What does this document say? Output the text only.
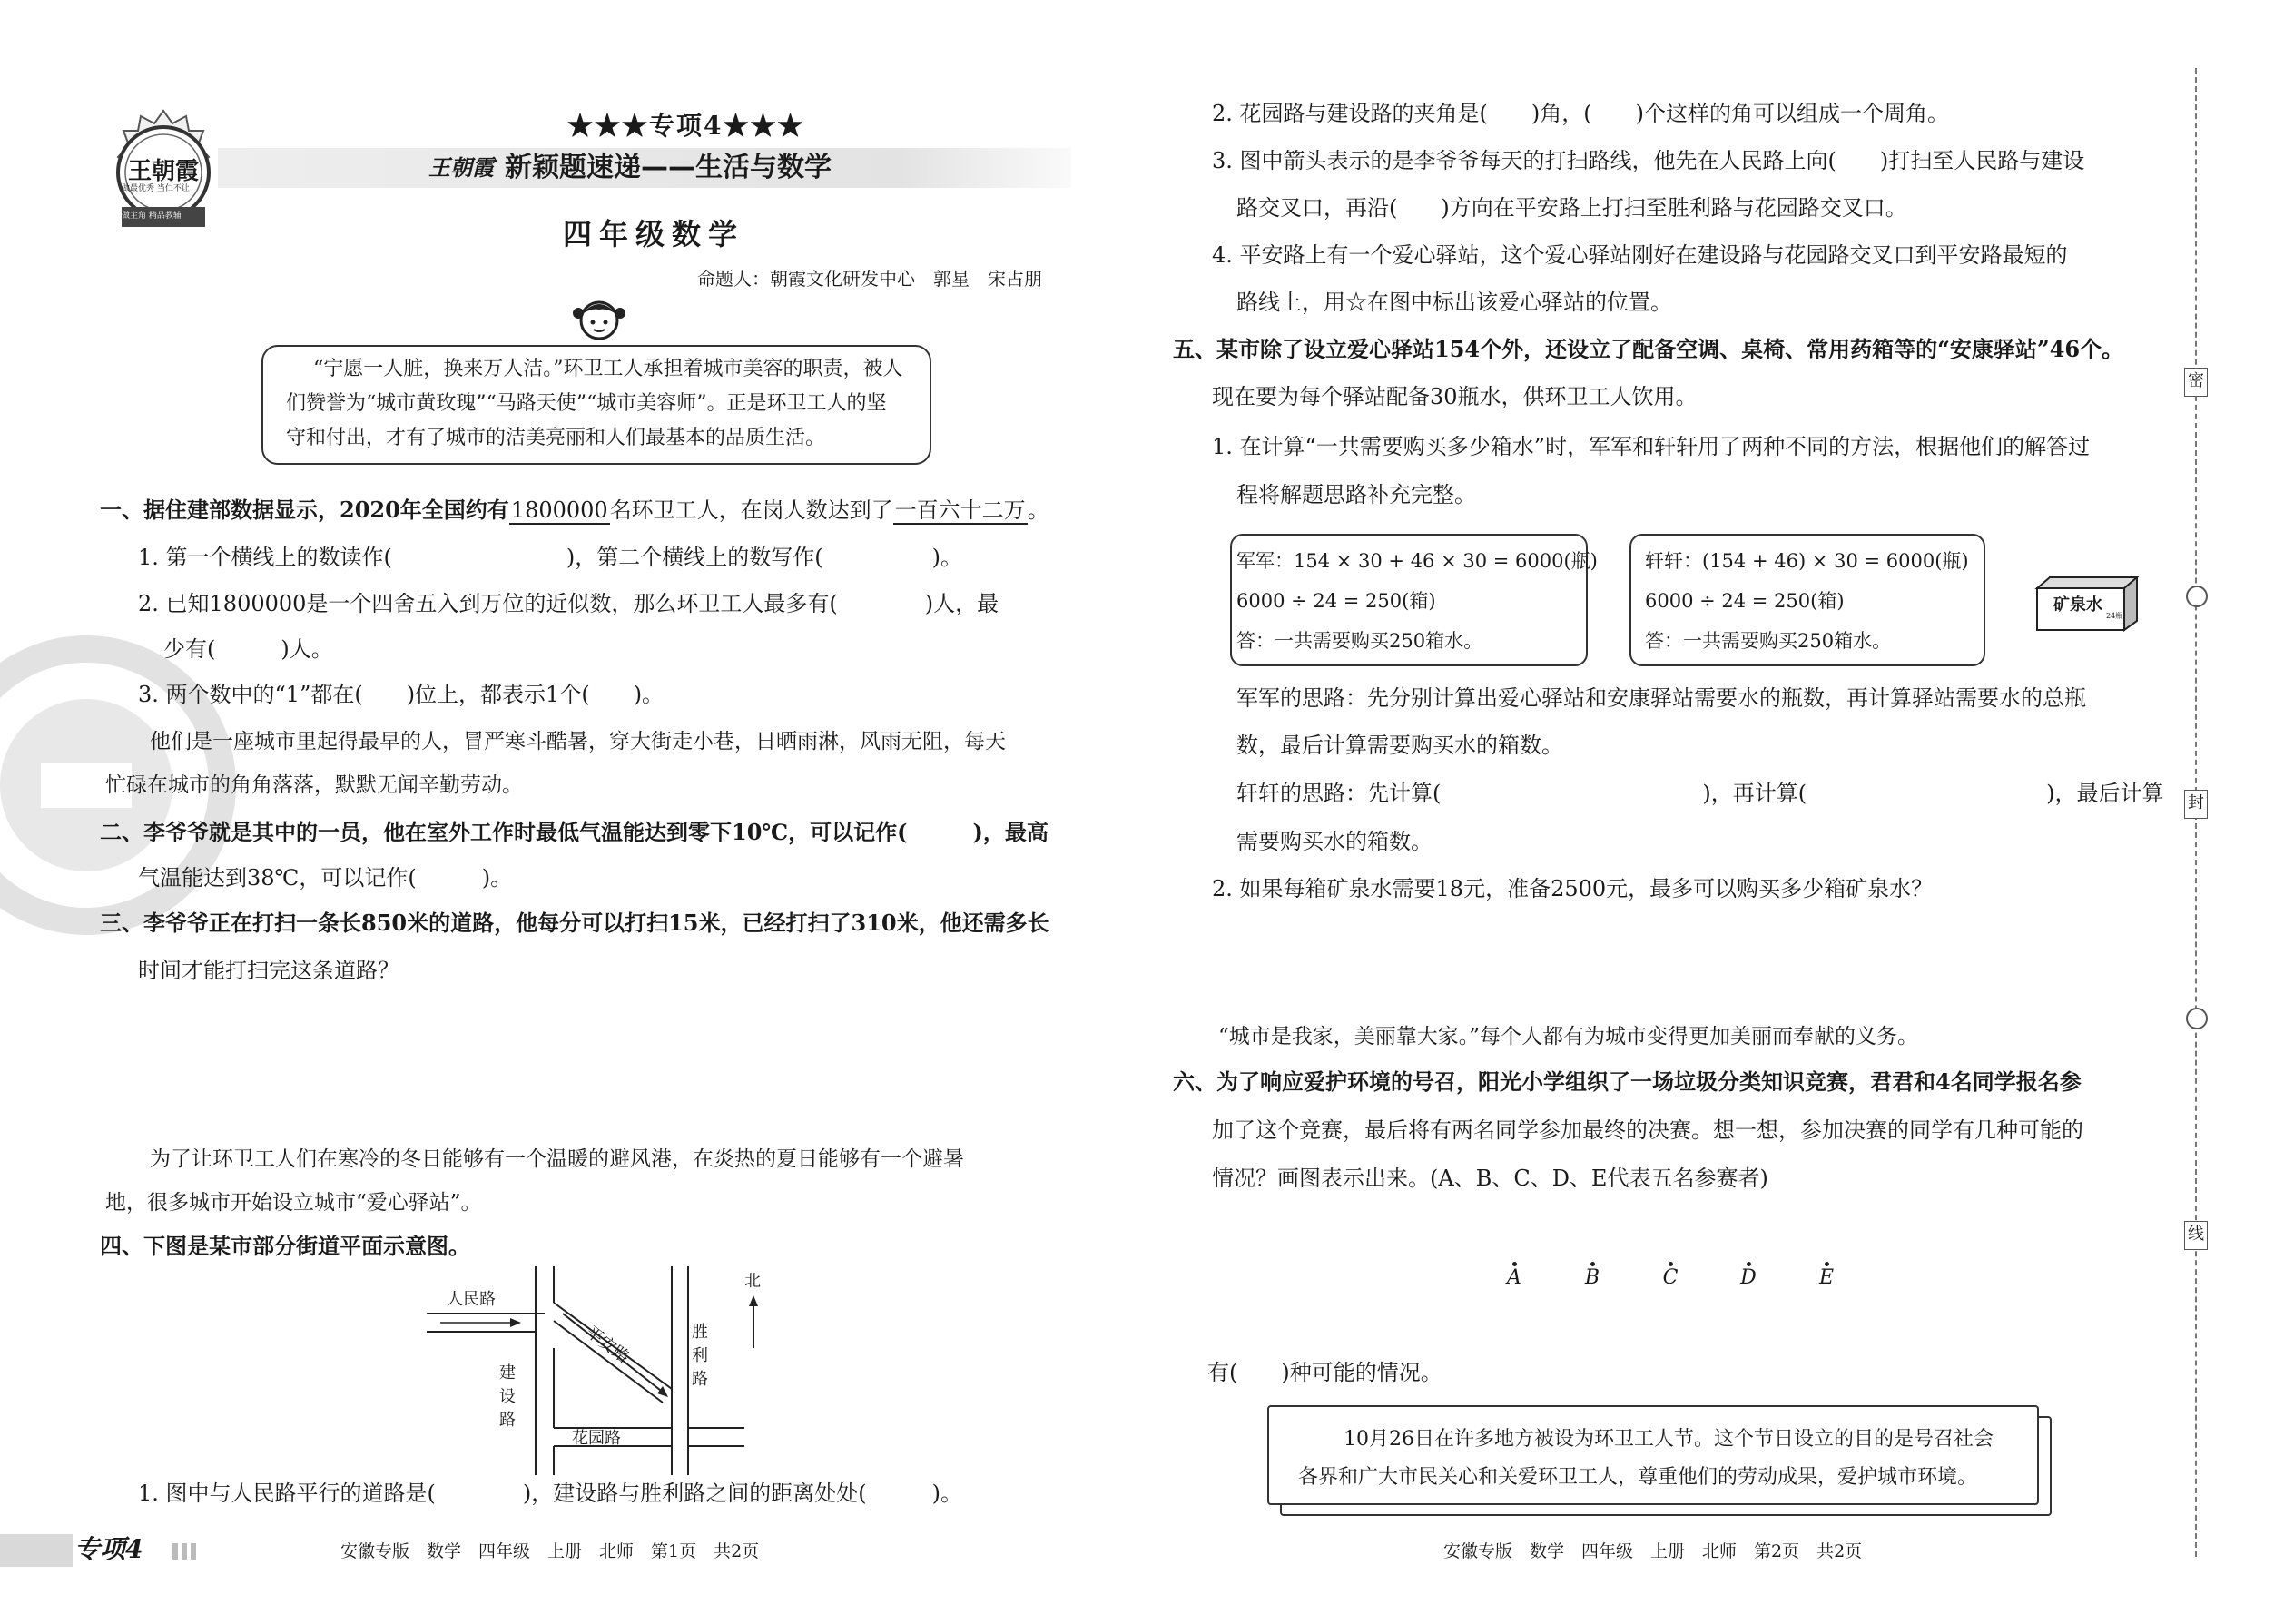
王朝霞
做最优秀 当仁不让
做主角 精品教辅
★★★专项4★★★
王朝霞 新颖题速递——生活与数学
四年级数学
命题人：朝霞文化研发中心　郭星　宋占朋
“宁愿一人脏，换来万人洁。”环卫工人承担着城市美容的职责，被人
们赞誉为“城市黄玫瑰”“马路天使”“城市美容师”。正是环卫工人的坚
守和付出，才有了城市的洁美亮丽和人们最基本的品质生活。
一、据住建部数据显示，2020年全国约有1800000名环卫工人，在岗人数达到了一百六十二万。
1. 第一个横线上的数读作(　　　　　　　　)，第二个横线上的数写作(　　　　　)。
2. 已知1800000是一个四舍五入到万位的近似数，那么环卫工人最多有(　　　　)人，最
少有(　　　)人。
3. 两个数中的“1”都在(　　)位上，都表示1个(　　)。
他们是一座城市里起得最早的人，冒严寒斗酷暑，穿大街走小巷，日晒雨淋，风雨无阻，每天
忙碌在城市的角角落落，默默无闻辛勤劳动。
二、李爷爷就是其中的一员，他在室外工作时最低气温能达到零下10℃，可以记作(　　　)，最高
气温能达到38℃，可以记作(　　　)。
三、李爷爷正在打扫一条长850米的道路，他每分可以打扫15米，已经打扫了310米，他还需多长
时间才能打扫完这条道路？
为了让环卫工人们在寒冷的冬日能够有一个温暖的避风港，在炎热的夏日能够有一个避暑
地，很多城市开始设立城市“爱心驿站”。
四、下图是某市部分街道平面示意图。
人民路
平安路	胜利路
建设路
花园路
北
1. 图中与人民路平行的道路是(　　　　)，建设路与胜利路之间的距离处处(　　　)。
专项4	安徽专版　数学　四年级　上册　北师　第1页　共2页
2. 花园路与建设路的夹角是(　　)角，(　　)个这样的角可以组成一个周角。
3. 图中箭头表示的是李爷爷每天的打扫路线，他先在人民路上向(　　)打扫至人民路与建设
路交叉口，再沿(　　)方向在平安路上打扫至胜利路与花园路交叉口。
4. 平安路上有一个爱心驿站，这个爱心驿站刚好在建设路与花园路交叉口到平安路最短的
路线上，用☆在图中标出该爱心驿站的位置。
五、某市除了设立爱心驿站154个外，还设立了配备空调、桌椅、常用药箱等的“安康驿站”46个。
现在要为每个驿站配备30瓶水，供环卫工人饮用。
1. 在计算“一共需要购买多少箱水”时，军军和轩轩用了两种不同的方法，根据他们的解答过
程将解题思路补充完整。
军军：154 × 30 + 46 × 30 = 6000(瓶)
6000 ÷ 24 = 250(箱)
答：一共需要购买250箱水。
轩轩：(154 + 46) × 30 = 6000(瓶)
6000 ÷ 24 = 250(箱)
答：一共需要购买250箱水。
矿泉水
24瓶
军军的思路：先分别计算出爱心驿站和安康驿站需要水的瓶数，再计算驿站需要水的总瓶
数，最后计算需要购买水的箱数。
轩轩的思路：先计算(　　　　　　　　　　　　)，再计算(　　　　　　　　　　　)，最后计算
需要购买水的箱数。
2. 如果每箱矿泉水需要18元，准备2500元，最多可以购买多少箱矿泉水？
“城市是我家，美丽靠大家。”每个人都有为城市变得更加美丽而奉献的义务。
六、为了响应爱护环境的号召，阳光小学组织了一场垃圾分类知识竞赛，君君和4名同学报名参
加了这个竞赛，最后将有两名同学参加最终的决赛。想一想，参加决赛的同学有几种可能的
情况？画图表示出来。(A、B、C、D、E代表五名参赛者)
A	B	C	D	E
有(　　)种可能的情况。
10月26日在许多地方被设为环卫工人节。这个节日设立的目的是号召社会
各界和广大市民关心和关爱环卫工人，尊重他们的劳动成果，爱护城市环境。
安徽专版　数学　四年级　上册　北师　第2页　共2页
密
封
线
